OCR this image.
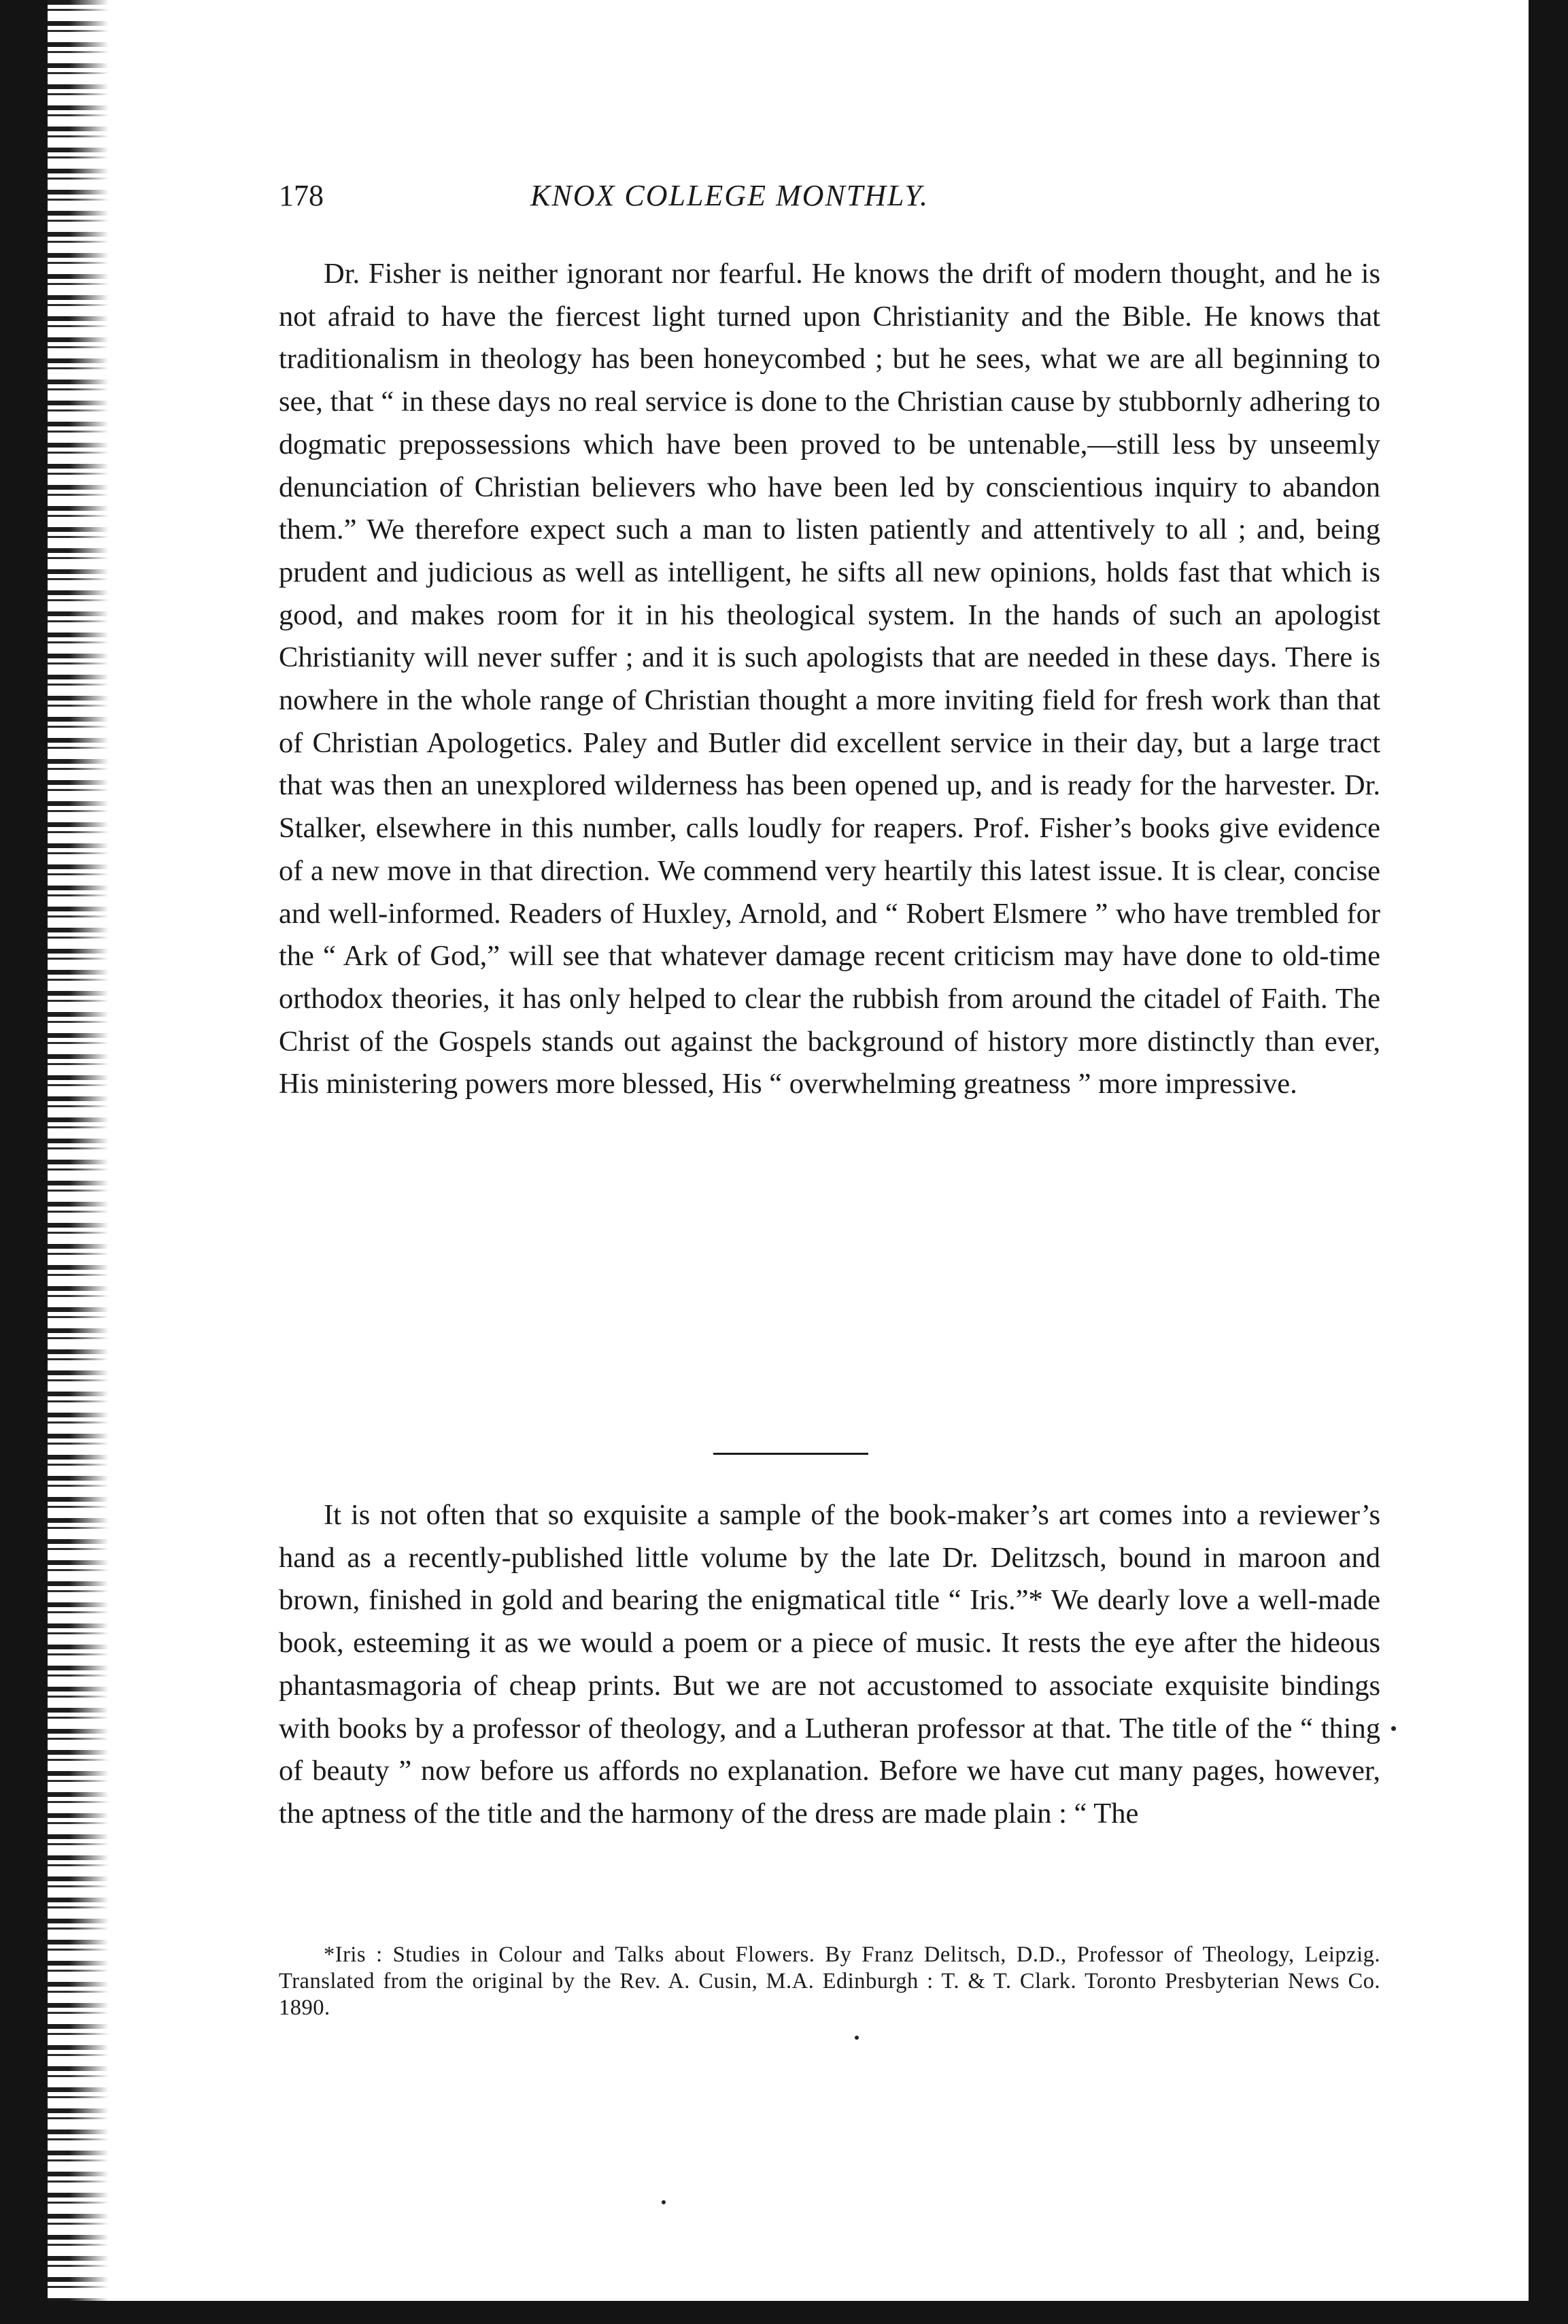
178	KNOX COLLEGE MONTHLY.

Dr. Fisher is neither ignorant nor fearful. He knows the drift of modern thought, and he is not afraid to have the fiercest light turned upon Christianity and the Bible. He knows that traditionalism in theology has been honeycombed ; but he sees, what we are all beginning to see, that “ in these days no real service is done to the Christian cause by stubbornly adhering to dogmatic prepossessions which have been proved to be untenable,—still less by unseemly denunciation of Christian believers who have been led by conscientious inquiry to abandon them.” We therefore expect such a man to listen patiently and attentively to all ; and, being prudent and judicious as well as intelligent, he sifts all new opinions, holds fast that which is good, and makes room for it in his theological system. In the hands of such an apologist Christianity will never suffer ; and it is such apologists that are needed in these days. There is nowhere in the whole range of Christian thought a more inviting field for fresh work than that of Christian Apologetics. Paley and Butler did excellent service in their day, but a large tract that was then an unexplored wilderness has been opened up, and is ready for the harvester. Dr. Stalker, elsewhere in this number, calls loudly for reapers. Prof. Fisher’s books give evidence of a new move in that direction. We commend very heartily this latest issue. It is clear, concise and well-informed. Readers of Huxley, Arnold, and “ Robert Elsmere ” who have trembled for the “ Ark of God,” will see that whatever damage recent criticism may have done to old-time orthodox theories, it has only helped to clear the rubbish from around the citadel of Faith. The Christ of the Gospels stands out against the background of history more distinctly than ever, His ministering powers more blessed, His “ overwhelming greatness ” more impressive.

It is not often that so exquisite a sample of the book-maker’s art comes into a reviewer’s hand as a recently-published little volume by the late Dr. Delitzsch, bound in maroon and brown, finished in gold and bearing the enigmatical title “ Iris.”* We dearly love a well-made book, esteeming it as we would a poem or a piece of music. It rests the eye after the hideous phantasmagoria of cheap prints. But we are not accustomed to associate exquisite bindings with books by a professor of theology, and a Lutheran professor at that. The title of the “ thing of beauty ” now before us affords no explanation. Before we have cut many pages, however, the aptness of the title and the harmony of the dress are made plain : “ The

*Iris : Studies in Colour and Talks about Flowers. By Franz Delitsch, D.D., Professor of Theology, Leipzig. Translated from the original by the Rev. A. Cusin, M.A. Edinburgh : T. & T. Clark. Toronto Presbyterian News Co. 1890.
